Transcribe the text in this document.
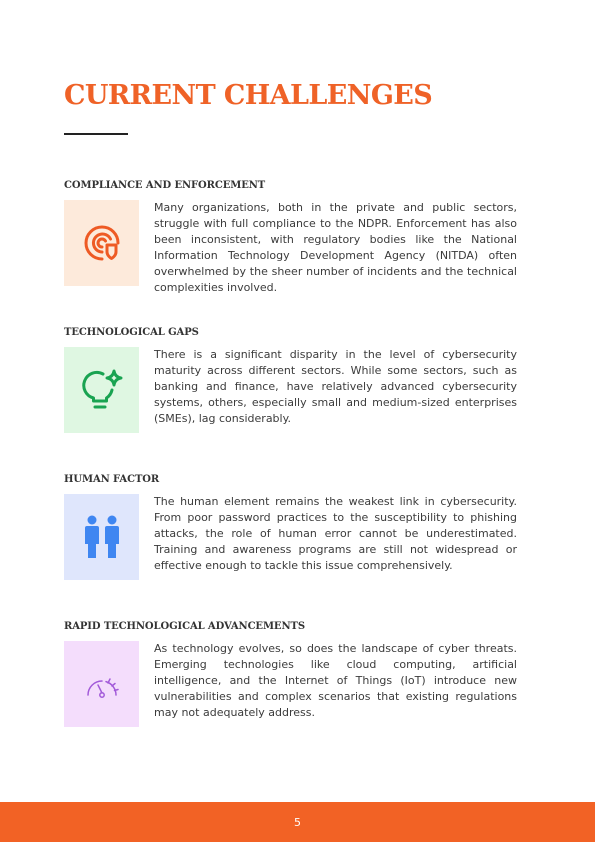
CURRENT CHALLENGES
COMPLIANCE AND ENFORCEMENT

Many organizations, both in the private and public sectors, struggle with full compliance to the NDPR. Enforcement has also been inconsistent, with regulatory bodies like the National Information Technology Development Agency (NITDA) often overwhelmed by the sheer number of incidents and the technical complexities involved.

TECHNOLOGICAL GAPS

There is a significant disparity in the level of cybersecurity maturity across different sectors. While some sectors, such as banking and finance, have relatively advanced cybersecurity systems, others, especially small and medium-sized enterprises (SMEs), lag considerably.

HUMAN FACTOR

The human element remains the weakest link in cybersecurity. From poor password practices to the susceptibility to phishing attacks, the role of human error cannot be underestimated. Training and awareness programs are still not widespread or effective enough to tackle this issue comprehensively.

RAPID TECHNOLOGICAL ADVANCEMENTS

As technology evolves, so does the landscape of cyber threats. Emerging technologies like cloud computing, artificial intelligence, and the Internet of Things (IoT) introduce new vulnerabilities and complex scenarios that existing regulations may not adequately address.

5
